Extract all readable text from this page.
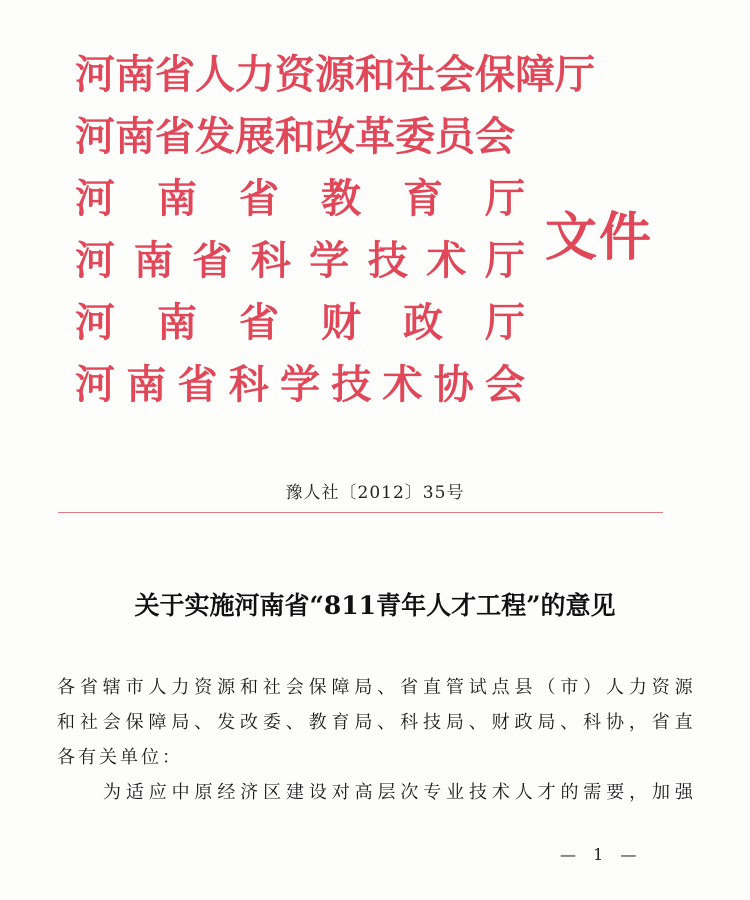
河南省人力资源和社会保障厅
河南省发展和改革委员会
河 南 省 教 育 厅
河 南 省 科 学 技 术 厅
河 南 省 财 政 厅
河 南 省 科 学 技 术 协 会
文件
豫人社〔2012〕35号
关于实施河南省“811青年人才工程”的意见
各 省 辖 市 人 力 资 源 和 社 会 保 障 局 、 省 直 管 试 点 县 （ 市 ） 人 力 资 源
和 社 会 保 障 局 、 发 改 委 、 教 育 局 、 科 技 局 、 财 政 局 、 科 协 ， 省 直
各有关单位：
为 适 应 中 原 经 济 区 建 设 对 高 层 次 专 业 技 术 人 才 的 需 要 ， 加 强
— 1 —
